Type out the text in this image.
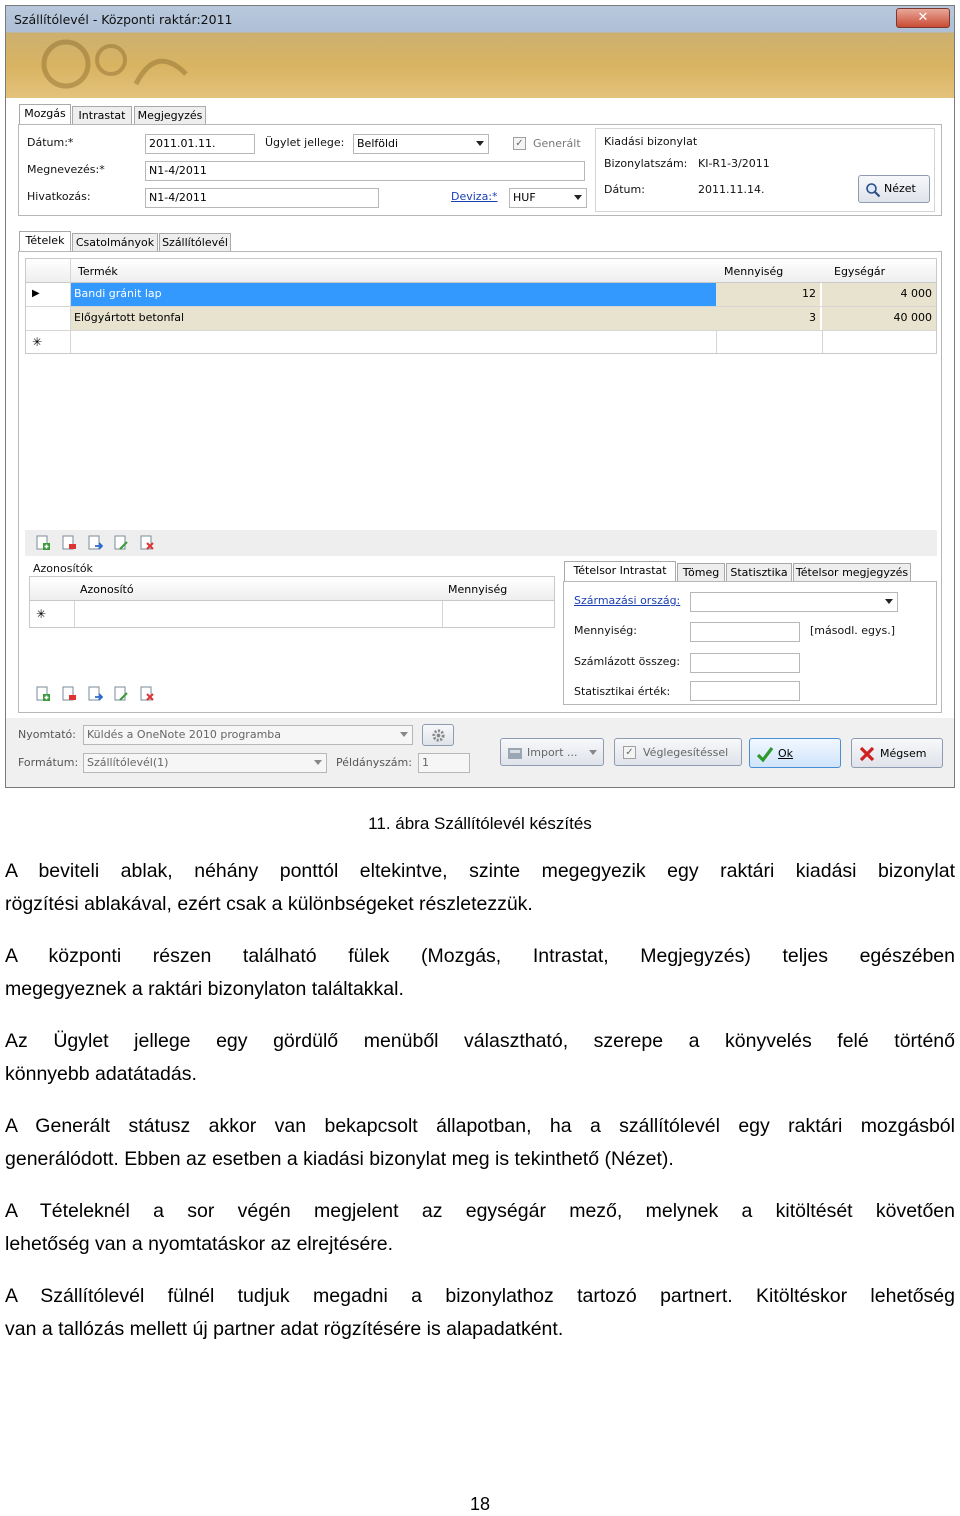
Szállítólevél - Központi raktár:2011	✕
Mozgás	Intrastat	Megjegyzés
Dátum:*	2011.01.11.
Megnevezés:*	N1-4/2011
Hivatkozás:	N1-4/2011
Ügylet jellege:	Belföldi	✓ Generált
Deviza:*	HUF
Kiadási bizonylat
Bizonylatszám: KI-R1-3/2011
Dátum:	2011.11.14.	Nézet
Tételek	Csatolmányok Szállítólevél
Termék	Mennyiség	Egységár
▶	Bandi gránit lap	12	4 000
Előgyártott betonfal	3	40 000
✳
Azonosítók
Azonosító	Mennyiség
✳
Tételsor Intrastat	Tömeg	Statisztika Tételsor megjegyzés
Származási ország:
Mennyiség:	[másodl. egys.]
Számlázott összeg:
Statisztikai érték:
Nyomtató:	Küldés a OneNote 2010 programba
Formátum: Szállítólevél(1)	Példányszám: 1
Import ...	✓ Véglegesítéssel	Ok	Mégsem
11. ábra Szállítólevél készítés
A beviteli ablak, néhány ponttól eltekintve, szinte megegyezik egy raktári kiadási bizonylat
rögzítési ablakával, ezért csak a különbségeket részletezzük.
A központi részen található fülek (Mozgás, Intrastat, Megjegyzés) teljes egészében
megegyeznek a raktári bizonylaton találtakkal.
Az Ügylet jellege egy gördülő menüből választható, szerepe a könyvelés felé történő
könnyebb adatátadás.
A Generált státusz akkor van bekapcsolt állapotban, ha a szállítólevél egy raktári mozgásból
generálódott. Ebben az esetben a kiadási bizonylat meg is tekinthető (Nézet).
A Tételeknél a sor végén megjelent az egységár mező, melynek a kitöltését követően
lehetőség van a nyomtatáskor az elrejtésére.
A Szállítólevél fülnél tudjuk megadni a bizonylathoz tartozó partnert. Kitöltéskor lehetőség
van a tallózás mellett új partner adat rögzítésére is alapadatként.
18
